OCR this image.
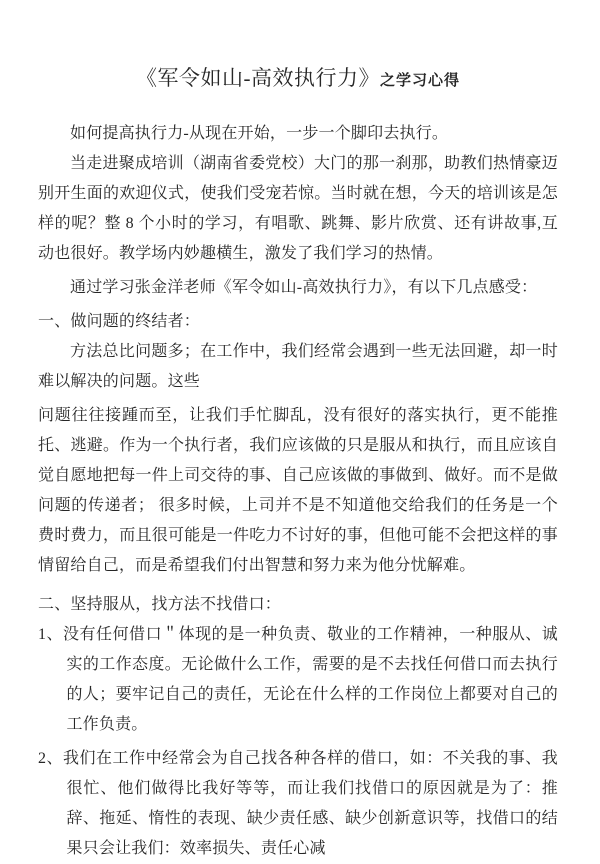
《军令如山-高效执行力》之学习心得

如何提高执行力-从现在开始，一步一个脚印去执行。

当走进聚成培训（湖南省委党校）大门的那一刹那，助教们热情豪迈别开生面的欢迎仪式，使我们受宠若惊。当时就在想，今天的培训该是怎样的呢？整 8 个小时的学习，有唱歌、跳舞、影片欣赏、还有讲故事,互动也很好。教学场内妙趣横生，激发了我们学习的热情。

通过学习张金洋老师《军令如山-高效执行力》，有以下几点感受：

一、做问题的终结者：

方法总比问题多；在工作中，我们经常会遇到一些无法回避，却一时难以解决的问题。这些

问题往往接踵而至，让我们手忙脚乱，没有很好的落实执行，更不能推托、逃避。作为一个执行者，我们应该做的只是服从和执行，而且应该自觉自愿地把每一件上司交待的事、自己应该做的事做到、做好。而不是做问题的传递者； 很多时候，上司并不是不知道他交给我们的任务是一个费时费力，而且很可能是一件吃力不讨好的事，但他可能不会把这样的事情留给自己，而是希望我们付出智慧和努力来为他分忧解难。

二、坚持服从，找方法不找借口：

1、没有任何借口＂体现的是一种负责、敬业的工作精神，一种服从、诚实的工作态度。无论做什么工作，需要的是不去找任何借口而去执行的人；要牢记自己的责任，无论在什么样的工作岗位上都要对自己的工作负责。

2、我们在工作中经常会为自己找各种各样的借口，如：不关我的事、我很忙、他们做得比我好等等，而让我们找借口的原因就是为了：推辞、拖延、惰性的表现、缺少责任感、缺少创新意识等，找借口的结果只会让我们：效率损失、责任心减
